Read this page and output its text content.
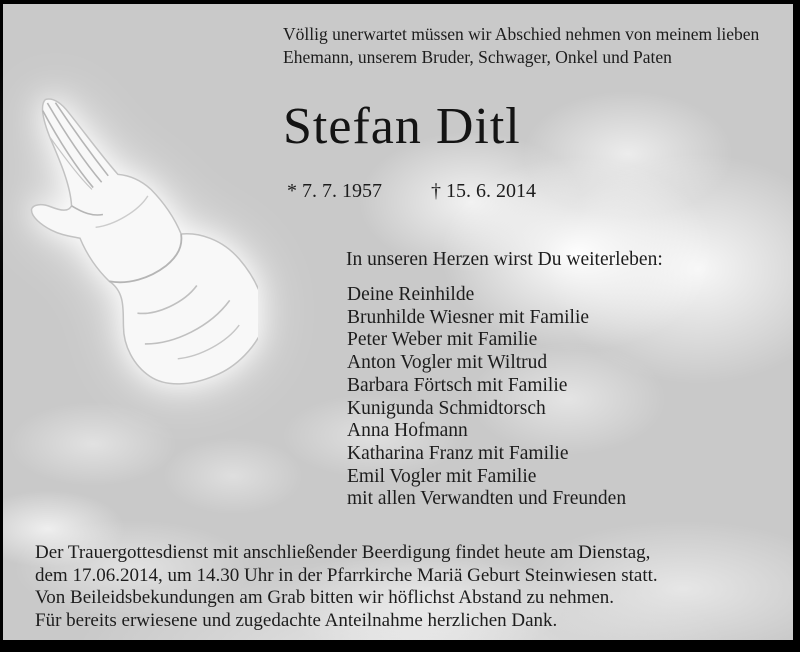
Völlig unerwartet müssen wir Abschied nehmen von meinem lieben
Ehemann, unserem Bruder, Schwager, Onkel und Paten
Stefan Ditl
* 7. 7. 1957 † 15. 6. 2014
In unseren Herzen wirst Du weiterleben:
Deine Reinhilde
Brunhilde Wiesner mit Familie
Peter Weber mit Familie
Anton Vogler mit Wiltrud
Barbara Förtsch mit Familie
Kunigunda Schmidtorsch
Anna Hofmann
Katharina Franz mit Familie
Emil Vogler mit Familie
mit allen Verwandten und Freunden
Der Trauergottesdienst mit anschließender Beerdigung findet heute am Dienstag,
dem 17.06.2014, um 14.30 Uhr in der Pfarrkirche Mariä Geburt Steinwiesen statt.
Von Beileidsbekundungen am Grab bitten wir höflichst Abstand zu nehmen.
Für bereits erwiesene und zugedachte Anteilnahme herzlichen Dank.
